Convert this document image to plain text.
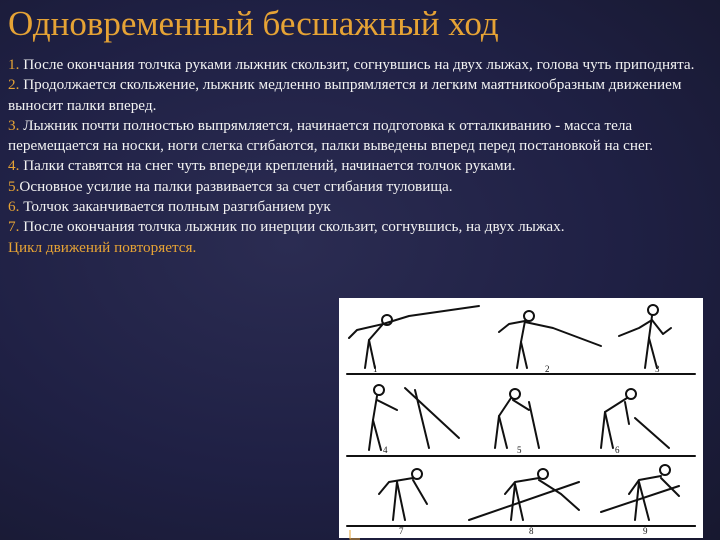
Одновременный бесшажный ход

1. После окончания толчка руками лыжник скользит, согнувшись на двух лыжах, голова чуть приподнята.

2. Продолжается скольжение, лыжник медленно выпрямляется и легким маятникообразным движением выносит палки вперед.

3. Лыжник почти полностью выпрямляется, начинается подготовка к отталкиванию - масса тела перемещается на носки, ноги слегка сгибаются, палки выведены вперед перед постановкой на снег.

4. Палки ставятся на снег чуть впереди креплений, начинается толчок руками.

5.Основное усилие на палки развивается за счет сгибания туловища.

6. Толчок заканчивается полным разгибанием рук

7. После окончания толчка лыжник по инерции скользит, согнувшись, на двух лыжах.

Цикл движений повторяется.

1	2	3
4	5	6
7	8	9
